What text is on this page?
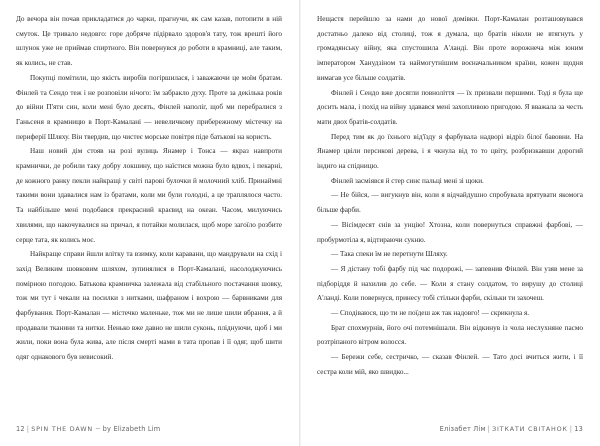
До вечора він почав прикладатися до чарки, прагнучи, як сам казав, потопити в ній смуток. Це тривало недовго: горе добряче підірвало здоров'я тату, тож врешті його шлунок уже не приймав спиртного. Він повернувся до роботи в крамниці, але таким, як колись, не став.

Покупці помітили, що якість виробів погіршилася, і заважаючи це моїм братам. Фінлей та Сендо теж і не розповіли нічого: їм забракло духу. Проте за декілька років до війни П'яти син, коли мені було десять, Фінлей наполіг, щоб ми перебралися з Ганьсеня в крамницю в Порт-Камалані — невеличкому прибережному містечку на периферії Шляху. Він твердив, що чистеє морське повітря піде батькові на користь.

Наш новий дім стояв на розі вулиць Янамер і Тонса — якраз навпроти крамнички, де робили таку добру локшину, що наїстися можна було вдвох, і пекарні, де кожного ранку пекли найкращі у світі парові булочки й молочний хліб. Принаймні такими вони здавалися нам із братами, коли ми були голодні, а це траплялося часто. Та найбільше мені подобався прекрасний краєвид на океан. Часом, милуючись хвилями, що накочувалися на причал, я потайки молилася, щоб море загоїло розбите серце тата, як колись моє.

Найкраще справи йшли влітку та взимку, коли каравани, що мандрували на схід і захід Великим шовковим шляхом, зупинялися в Порт-Камалані, насолоджуючись помірною погодою. Батькова крамничка залежала від стабільного постачання шовку, тож ми тут і чекали на посилки з нитками, шафраном і вохрою — барвниками для фарбування. Порт-Камалан — містечко маленьке, тож ми не лише шили вбрання, а й продавали тканини та нитки. Ненько вже давно не шили суконь, пліднуючи, щоб і ми жили, поки вона була жива, але після смерті мами в тата пропав і її одяг, щоб шити одяг однакового був невисокий.

Нещастя перейшло за нами до нової домівки. Порт-Камалан розташовувався достатньо далеко від столиці, тож я думала, що братів ніколи не втягнуть у громадянську війну, яка спустошила А'ланді. Він проте ворожнеча між юним імператором Ханудзіном та наймогутнішим воєначальником країни, кожен щодня вимагав усе більше солдатів.

Фінлей і Сендо вже досягли повноліття — їх призвали першими. Тоді я була ще досить мала, і похід на війну здавався мені захопливою пригодою. Я вважала за честь мати двох братів-солдатів.

Перед тим як до їхнього від'їзду я фарбувала надворі відріз білої бавовни. На Янамер цвіли персикові дерева, і я чкнула від то то цвіту, розбризкавши дорогий індиго на спідницю.

Фінлей засміявся й стер синє пальці мені зі щоки.

— Не бійся, — вигукнув він, коли я відчайдушно спробувала врятувати якомога більше фарби.

— Вісімдесят єнів за унцію! Хтозна, коли повернуться справжні фарбові, — пробурмотіла я, відтираючи сукню.

— Така спеки їм не перетнути Шляху.

— Я дістану тобі фарбу під час подорожі, — запевнив Фінлей. Він узяв мене за підборіддя й нахилив до себе. — Коли я стану солдатом, то вирушу до столиці А'ланді. Коли повернуся, принесу тобі стільки фарби, скільки ти захочеш.

— Сподіваюся, що ти не поїдеш аж так надовго! — скрикнула я.

Брат спохмурнів, його очі потемнішали. Він відкинув із чола неслухняне пасмо розтріпаного вітром волосся.

— Бережи себе, сестричко, — сказав Фінлей. — Тато досі вчиться жити, і її сестра коли мій, яко швидко...

12 | SPIN THE DAWN ~ by Elizabeth Lim	Елізабет Лім | ЗІТКАТИ СВІТАНОК | 13
